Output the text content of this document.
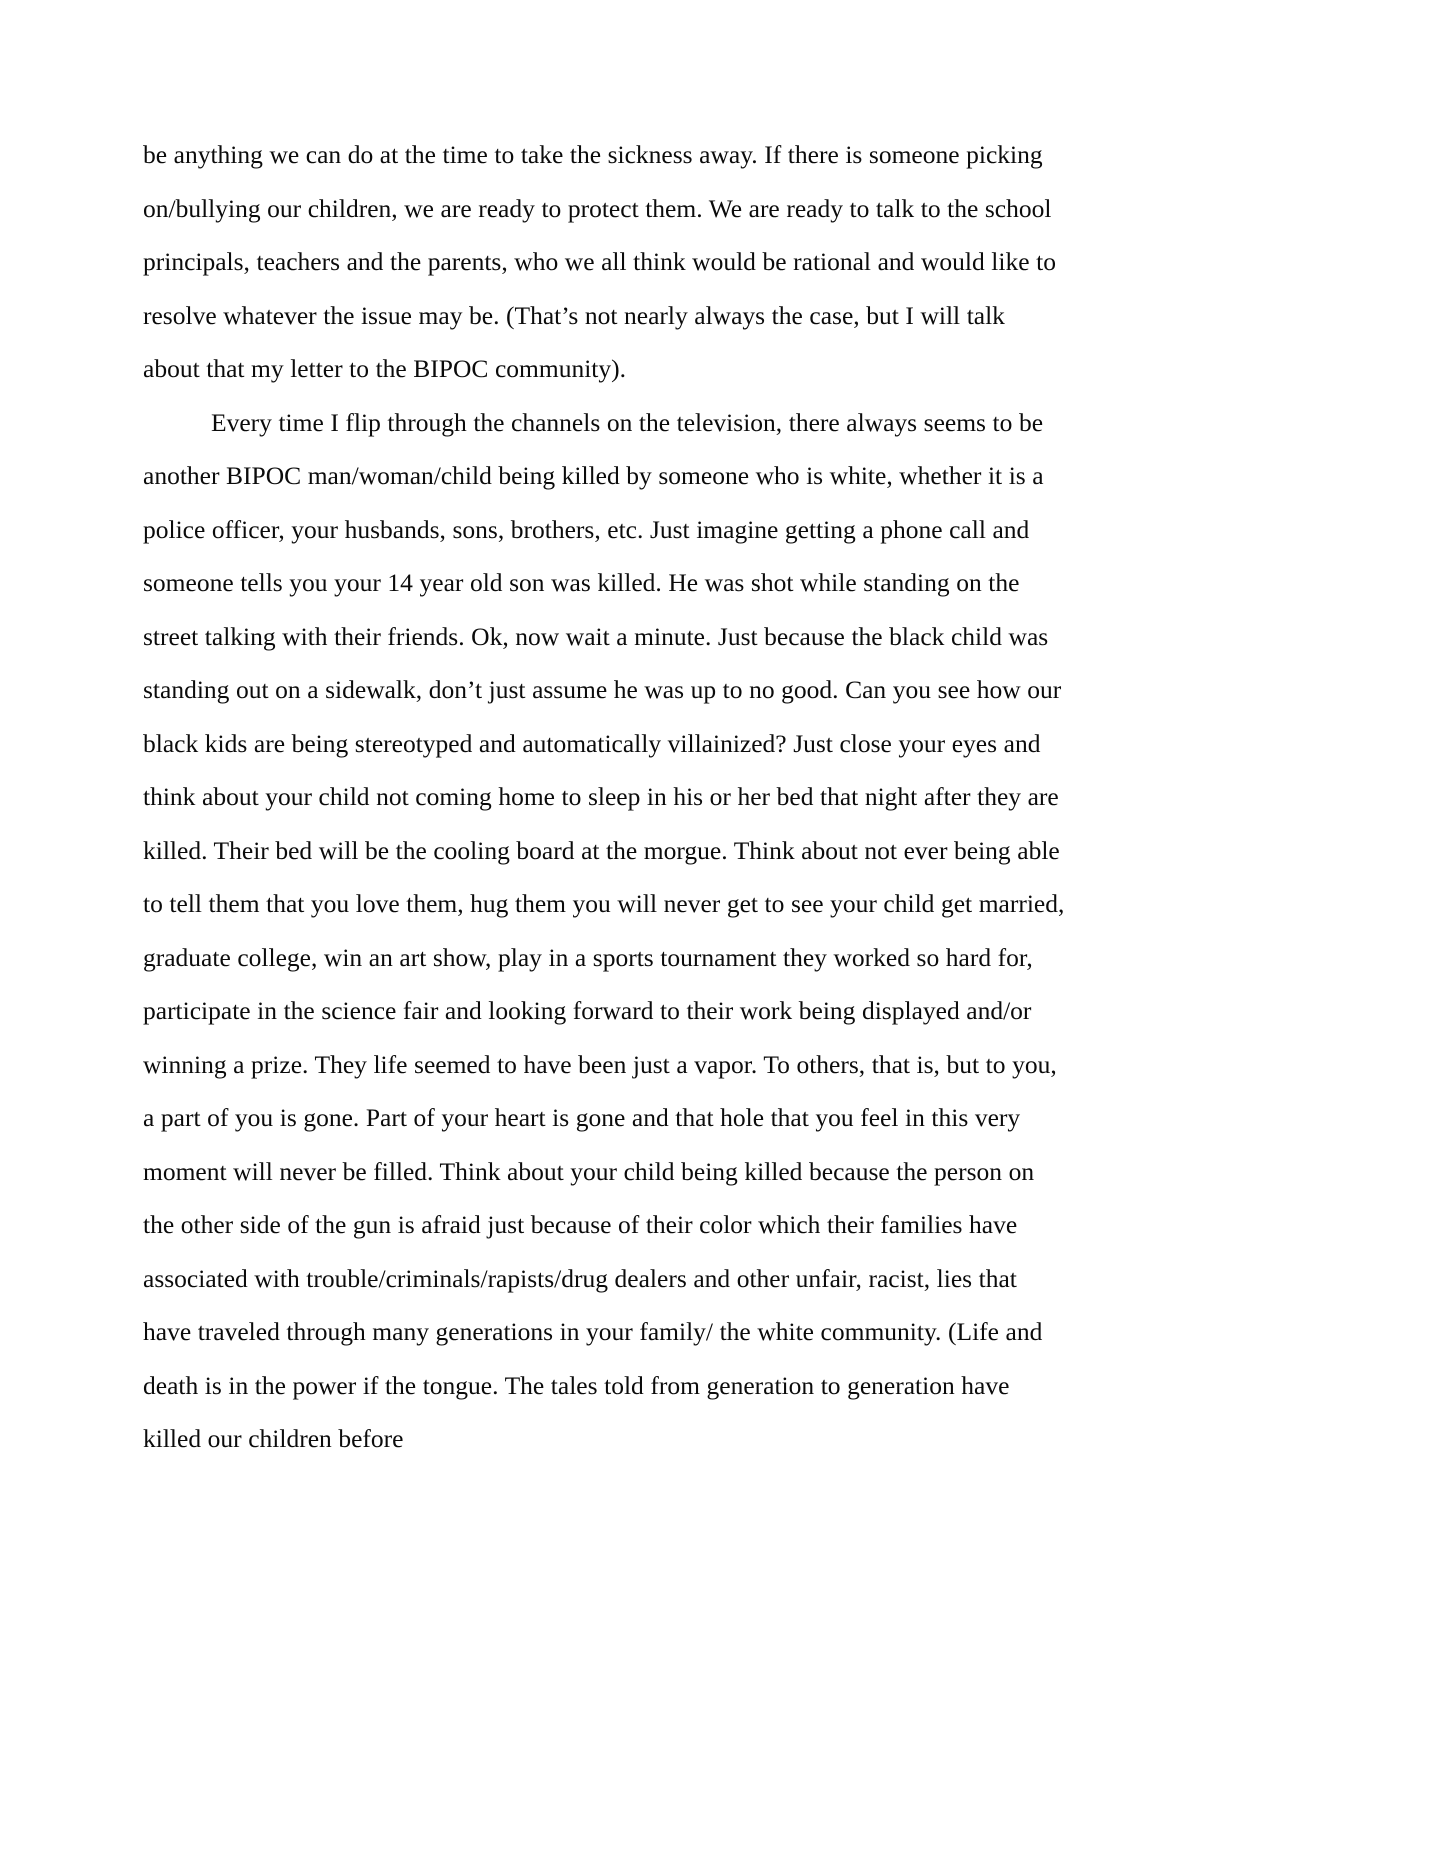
be anything we can do at the time to take the sickness away. If there is someone picking on/bullying our children, we are ready to protect them. We are ready to talk to the school principals, teachers and the parents, who we all think would be rational and would like to resolve whatever the issue may be. (That’s not nearly always the case, but I will talk about that my letter to the BIPOC community).

Every time I flip through the channels on the television, there always seems to be another BIPOC man/woman/child being killed by someone who is white, whether it is a police officer, your husbands, sons, brothers, etc. Just imagine getting a phone call and someone tells you your 14 year old son was killed. He was shot while standing on the street talking with their friends. Ok, now wait a minute. Just because the black child was standing out on a sidewalk, don’t just assume he was up to no good. Can you see how our black kids are being stereotyped and automatically villainized? Just close your eyes and think about your child not coming home to sleep in his or her bed that night after they are killed. Their bed will be the cooling board at the morgue. Think about not ever being able to tell them that you love them, hug them you will never get to see your child get married, graduate college, win an art show, play in a sports tournament they worked so hard for, participate in the science fair and looking forward to their work being displayed and/or winning a prize. They life seemed to have been just a vapor. To others, that is, but to you, a part of you is gone. Part of your heart is gone and that hole that you feel in this very moment will never be filled. Think about your child being killed because the person on the other side of the gun is afraid just because of their color which their families have associated with trouble/criminals/rapists/drug dealers and other unfair, racist, lies that have traveled through many generations in your family/ the white community. (Life and death is in the power if the tongue. The tales told from generation to generation have killed our children before
